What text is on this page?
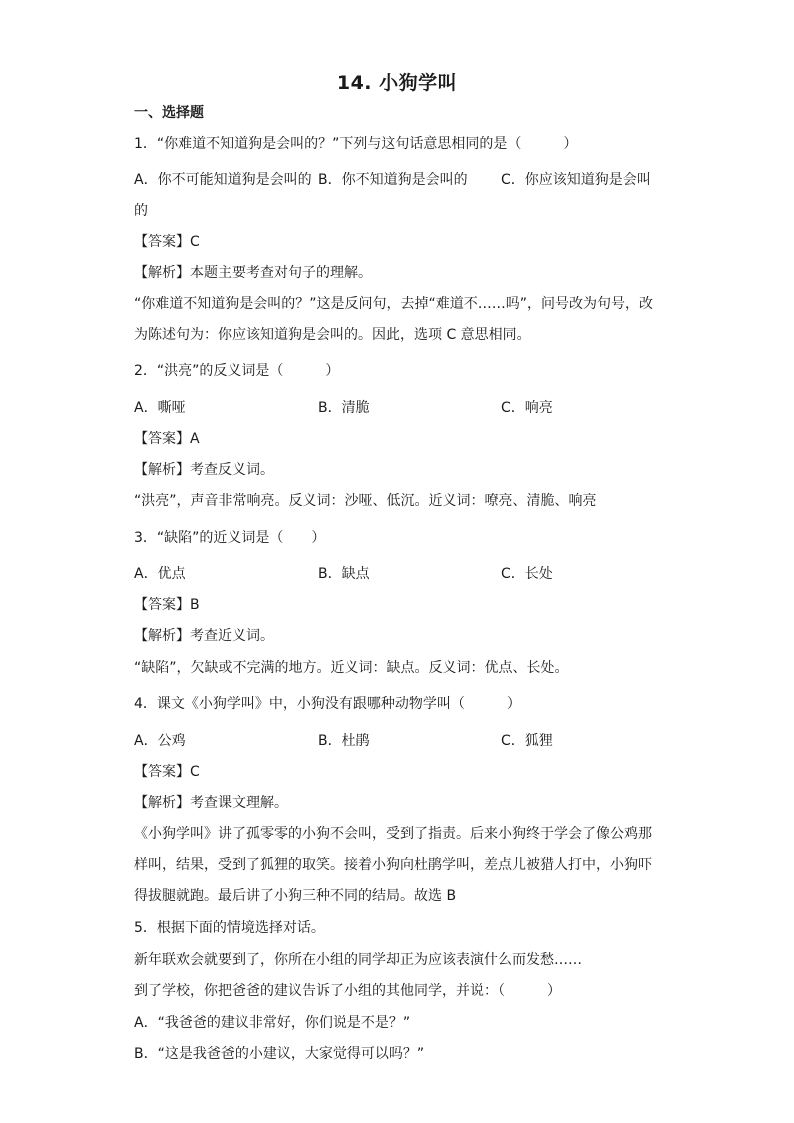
14. 小狗学叫
一、选择题
1．“你难道不知道狗是会叫的？”下列与这句话意思相同的是（　　　）
A．你不可能知道狗是会叫的 B．你不知道狗是会叫的 C．你应该知道狗是会叫
的
【答案】C
【解析】本题主要考查对句子的理解。
“你难道不知道狗是会叫的？”这是反问句，去掉“难道不……吗”，问号改为句号，改
为陈述句为：你应该知道狗是会叫的。因此，选项 C 意思相同。
2．“洪亮”的反义词是（　　　）
A．嘶哑	B．清脆	C．响亮
【答案】A
【解析】考查反义词。
“洪亮”，声音非常响亮。反义词：沙哑、低沉。近义词：嘹亮、清脆、响亮
3．“缺陷”的近义词是（　　）
A．优点	B．缺点	C．长处
【答案】B
【解析】考查近义词。
“缺陷”，欠缺或不完满的地方。近义词：缺点。反义词：优点、长处。
4．课文《小狗学叫》中，小狗没有跟哪种动物学叫（　　　）
A．公鸡	B．杜鹃	C．狐狸
【答案】C
【解析】考查课文理解。
《小狗学叫》讲了孤零零的小狗不会叫，受到了指责。后来小狗终于学会了像公鸡那
样叫，结果，受到了狐狸的取笑。接着小狗向杜鹃学叫，差点儿被猎人打中，小狗吓
得拔腿就跑。最后讲了小狗三种不同的结局。故选 B
5．根据下面的情境选择对话。
新年联欢会就要到了，你所在小组的同学却正为应该表演什么而发愁……
到了学校，你把爸爸的建议告诉了小组的其他同学，并说：（　　　）
A．“我爸爸的建议非常好，你们说是不是？”
B．“这是我爸爸的小建议，大家觉得可以吗？”
